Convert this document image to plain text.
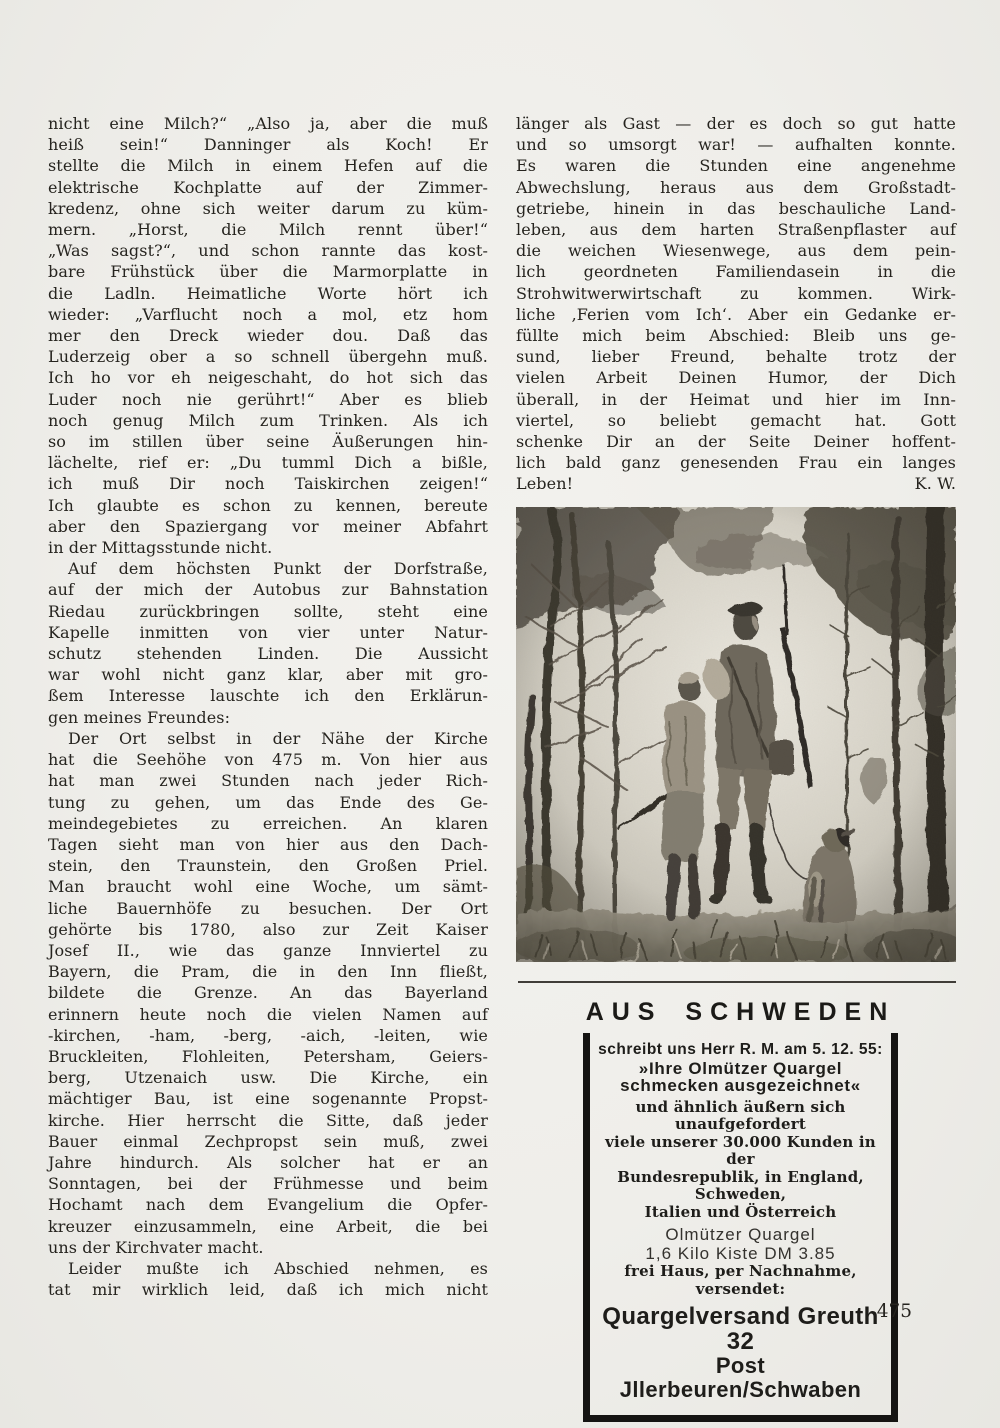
nicht eine Milch?“ „Also ja, aber die muß
heiß sein!“ Danninger als Koch! Er
stellte die Milch in einem Hefen auf die
elektrische Kochplatte auf der Zimmer-
kredenz, ohne sich weiter darum zu küm-
mern. „Horst, die Milch rennt über!“
„Was sagst?“, und schon rannte das kost-
bare Frühstück über die Marmorplatte in
die Ladln. Heimatliche Worte hört ich
wieder: „Varflucht noch a mol, etz hom
mer den Dreck wieder dou. Daß das
Luderzeig ober a so schnell übergehn muß.
Ich ho vor eh neigeschaht, do hot sich das
Luder noch nie gerührt!“ Aber es blieb
noch genug Milch zum Trinken. Als ich
so im stillen über seine Äußerungen hin-
lächelte, rief er: „Du tumml Dich a bißle,
ich muß Dir noch Taiskirchen zeigen!“
Ich glaubte es schon zu kennen, bereute
aber den Spaziergang vor meiner Abfahrt
in der Mittagsstunde nicht.
Auf dem höchsten Punkt der Dorfstraße,
auf der mich der Autobus zur Bahnstation
Riedau zurückbringen sollte, steht eine
Kapelle inmitten von vier unter Natur-
schutz stehenden Linden. Die Aussicht
war wohl nicht ganz klar, aber mit gro-
ßem Interesse lauschte ich den Erklärun-
gen meines Freundes:
Der Ort selbst in der Nähe der Kirche
hat die Seehöhe von 475 m. Von hier aus
hat man zwei Stunden nach jeder Rich-
tung zu gehen, um das Ende des Ge-
meindegebietes zu erreichen. An klaren
Tagen sieht man von hier aus den Dach-
stein, den Traunstein, den Großen Priel.
Man braucht wohl eine Woche, um sämt-
liche Bauernhöfe zu besuchen. Der Ort
gehörte bis 1780, also zur Zeit Kaiser
Josef II., wie das ganze Innviertel zu
Bayern, die Pram, die in den Inn fließt,
bildete die Grenze. An das Bayerland
erinnern heute noch die vielen Namen auf
-kirchen, -ham, -berg, -aich, -leiten, wie
Bruckleiten, Flohleiten, Petersham, Geiers-
berg, Utzenaich usw. Die Kirche, ein
mächtiger Bau, ist eine sogenannte Propst-
kirche. Hier herrscht die Sitte, daß jeder
Bauer einmal Zechpropst sein muß, zwei
Jahre hindurch. Als solcher hat er an
Sonntagen, bei der Frühmesse und beim
Hochamt nach dem Evangelium die Opfer-
kreuzer einzusammeln, eine Arbeit, die bei
uns der Kirchvater macht.
Leider mußte ich Abschied nehmen, es
tat mir wirklich leid, daß ich mich nicht
länger als Gast — der es doch so gut hatte
und so umsorgt war! — aufhalten konnte.
Es waren die Stunden eine angenehme
Abwechslung, heraus aus dem Großstadt-
getriebe, hinein in das beschauliche Land-
leben, aus dem harten Straßenpflaster auf
die weichen Wiesenwege, aus dem pein-
lich geordneten Familiendasein in die
Strohwitwerwirtschaft zu kommen. Wirk-
liche ‚Ferien vom Ich‘. Aber ein Gedanke er-
füllte mich beim Abschied: Bleib uns ge-
sund, lieber Freund, behalte trotz der
vielen Arbeit Deinen Humor, der Dich
überall, in der Heimat und hier im Inn-
viertel, so beliebt gemacht hat. Gott
schenke Dir an der Seite Deiner hoffent-
lich bald ganz genesenden Frau ein langes
Leben!	K. W.
AUS SCHWEDEN
schreibt uns Herr R. M. am 5. 12. 55:
»Ihre Olmützer Quargel
schmecken ausgezeichnet«
und ähnlich äußern sich unaufgefordert
viele unserer 30.000 Kunden in der
Bundesrepublik, in England, Schweden,
Italien und Österreich
Olmützer Quargel
1,6 Kilo Kiste DM 3.85
frei Haus, per Nachnahme, versendet:
Quargelversand Greuth 32
Post Jllerbeuren/Schwaben
475
